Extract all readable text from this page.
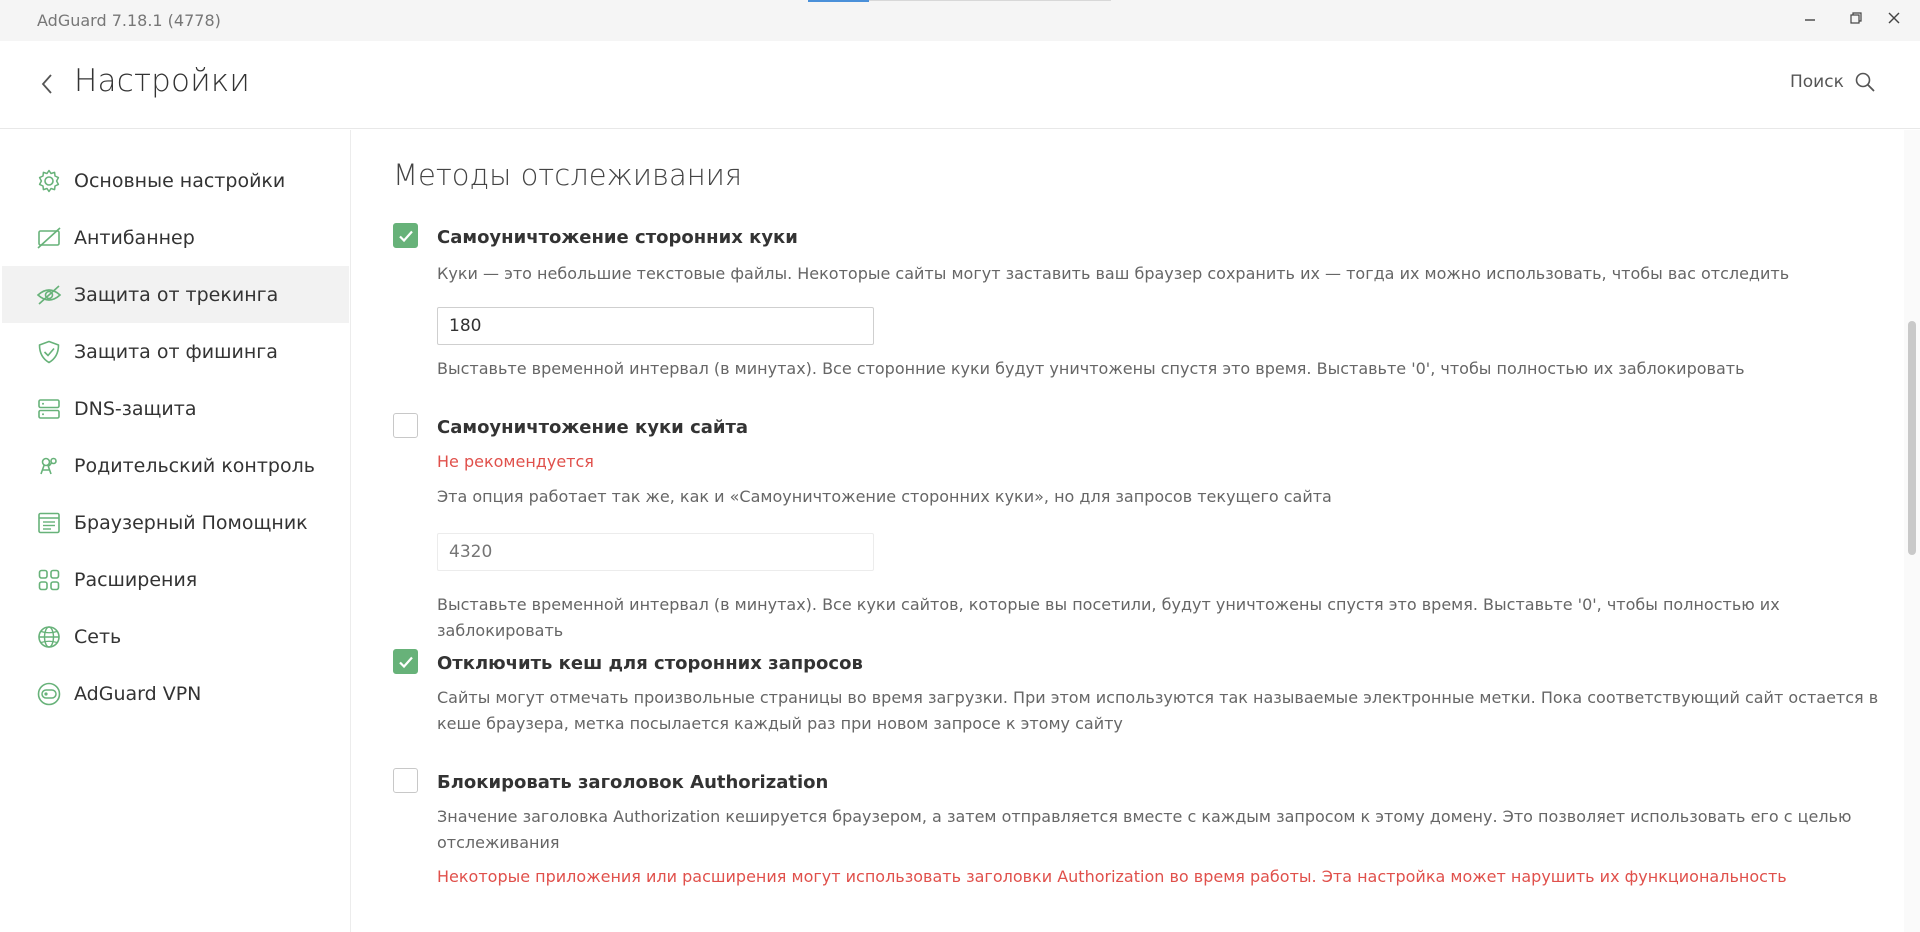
AdGuard 7.18.1 (4778)
Настройки	Поиск
Основные настройки
Антибаннер
Защита от трекинга
Защита от фишинга
DNS-защита
Родительский контроль
Браузерный Помощник
Расширения
Сеть
AdGuard VPN
Методы отслеживания
Самоуничтожение сторонних куки
Куки — это небольшие текстовые файлы. Некоторые сайты могут заставить ваш браузер сохранить их — тогда их можно использовать, чтобы вас отследить
180
Выставьте временной интервал (в минутах). Все сторонние куки будут уничтожены спустя это время. Выставьте '0', чтобы полностью их заблокировать
Самоуничтожение куки сайта
Не рекомендуется
Эта опция работает так же, как и «Самоуничтожение сторонних куки», но для запросов текущего сайта
4320
Выставьте временной интервал (в минутах). Все куки сайтов, которые вы посетили, будут уничтожены спустя это время. Выставьте '0', чтобы полностью их заблокировать
Отключить кеш для сторонних запросов
Сайты могут отмечать произвольные страницы во время загрузки. При этом используются так называемые электронные метки. Пока соответствующий сайт остается в кеше браузера, метка посылается каждый раз при новом запросе к этому сайту
Блокировать заголовок Authorization
Значение заголовка Authorization кешируется браузером, а затем отправляется вместе с каждым запросом к этому домену. Это позволяет использовать его с целью отслеживания
Некоторые приложения или расширения могут использовать заголовки Authorization во время работы. Эта настройка может нарушить их функциональность
